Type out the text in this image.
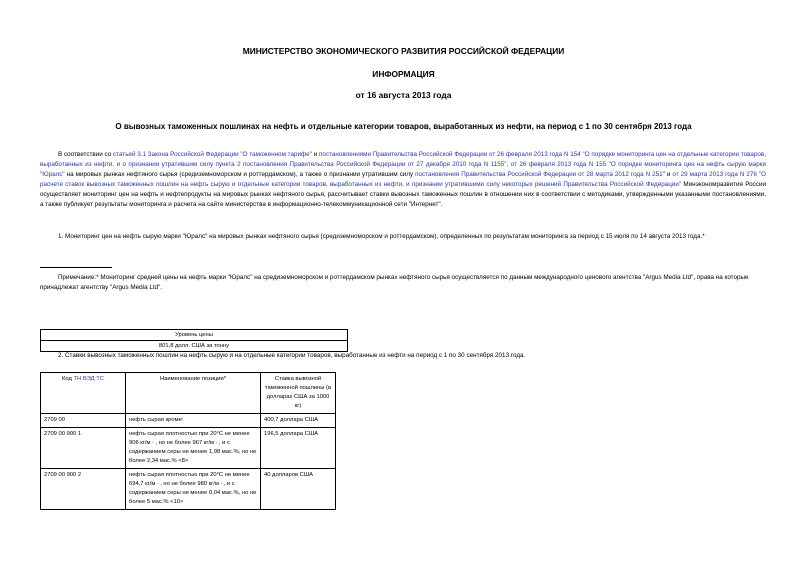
МИНИСТЕРСТВО ЭКОНОМИЧЕСКОГО РАЗВИТИЯ РОССИЙСКОЙ ФЕДЕРАЦИИ
ИНФОРМАЦИЯ
от 16 августа 2013 года
О вывозных таможенных пошлинах на нефть и отдельные категории товаров, выработанных из нефти, на период с 1 по 30 сентября 2013 года
В соответствии со статьей 3.1 Закона Российской Федерации "О таможенном тарифе" и постановлениями Правительства Российской Федерации от 26 февраля 2013 года N 154 "О порядке мониторинга цен на отдельные категории товаров, выработанных из нефти, и о признании утратившим силу пункта 2 постановления Правительства Российской Федерации от 27 декабря 2010 года N 1155", от 26 февраля 2013 года N 155 "О порядке мониторинга цен на нефть сырую марки "Юралс" на мировых рынках нефтяного сырья (средиземноморском и роттердамском), а также о признании утратившим силу постановления Правительства Российской Федерации от 28 марта 2012 года N 251" и от 29 марта 2013 года N 276 "О расчете ставок вывозных таможенных пошлин на нефть сырую и отдельные категории товаров, выработанных из нефти, и признании утратившими силу некоторых решений Правительства Российской Федерации" Минэкономразвития России осуществляет мониторинг цен на нефть и нефтепродукты на мировых рынках нефтяного сырья, рассчитывает ставки вывозных таможенных пошлин в отношении них в соответствии с методиками, утвержденными указанными постановлениями, а также публикует результаты мониторинга и расчета на сайте министерства в информационно-телекоммуникационной сети "Интернет".
1. Мониторинг цен на нефть сырую марки "Юралс" на мировых рынках нефтяного сырья (средиземноморском и роттердамском), определенных по результатам мониторинга за период с 15 июля по 14 августа 2013 года.*
Примечание:* Мониторинг средней цены на нефть марки "Юралс" на средиземноморском и роттердамском рынках нефтяного сырья осуществляется по данным международного ценового агентства "Argus Media Ltd", права на которые принадлежат агентству "Argus Media Ltd".
Уровень цены
801,8 долл. США за тонну
2. Ставки вывозных таможенных пошлин на нефть сырую и на отдельные категории товаров, выработанные из нефти на период с 1 по 30 сентября 2013 года.
Код ТН ВЭД ТС	Наименование позиции*	Ставка вывозной таможенной пошлины (в долларах США за 1000 кг)
2709 00	нефть сырая кроме:	400,7 доллара США
2709 00 900 1	нефть сырая плотностью при 20°С не менее 906 кг/м ∙ , но не более 967 кг/м ∙ , и с содержанием серы не менее 1,98 мас.%, но не более 2,34 мас.% <8>	196,5 доллара США
2709 00 900 2	нефть сырая плотностью при 20°С не менее 694,7 кг/м ∙ , но не более 980 кг/м ∙ , и с содержанием серы не менее 0,04 мас.%, но не более 5 мас.% <10>	40 долларов США
